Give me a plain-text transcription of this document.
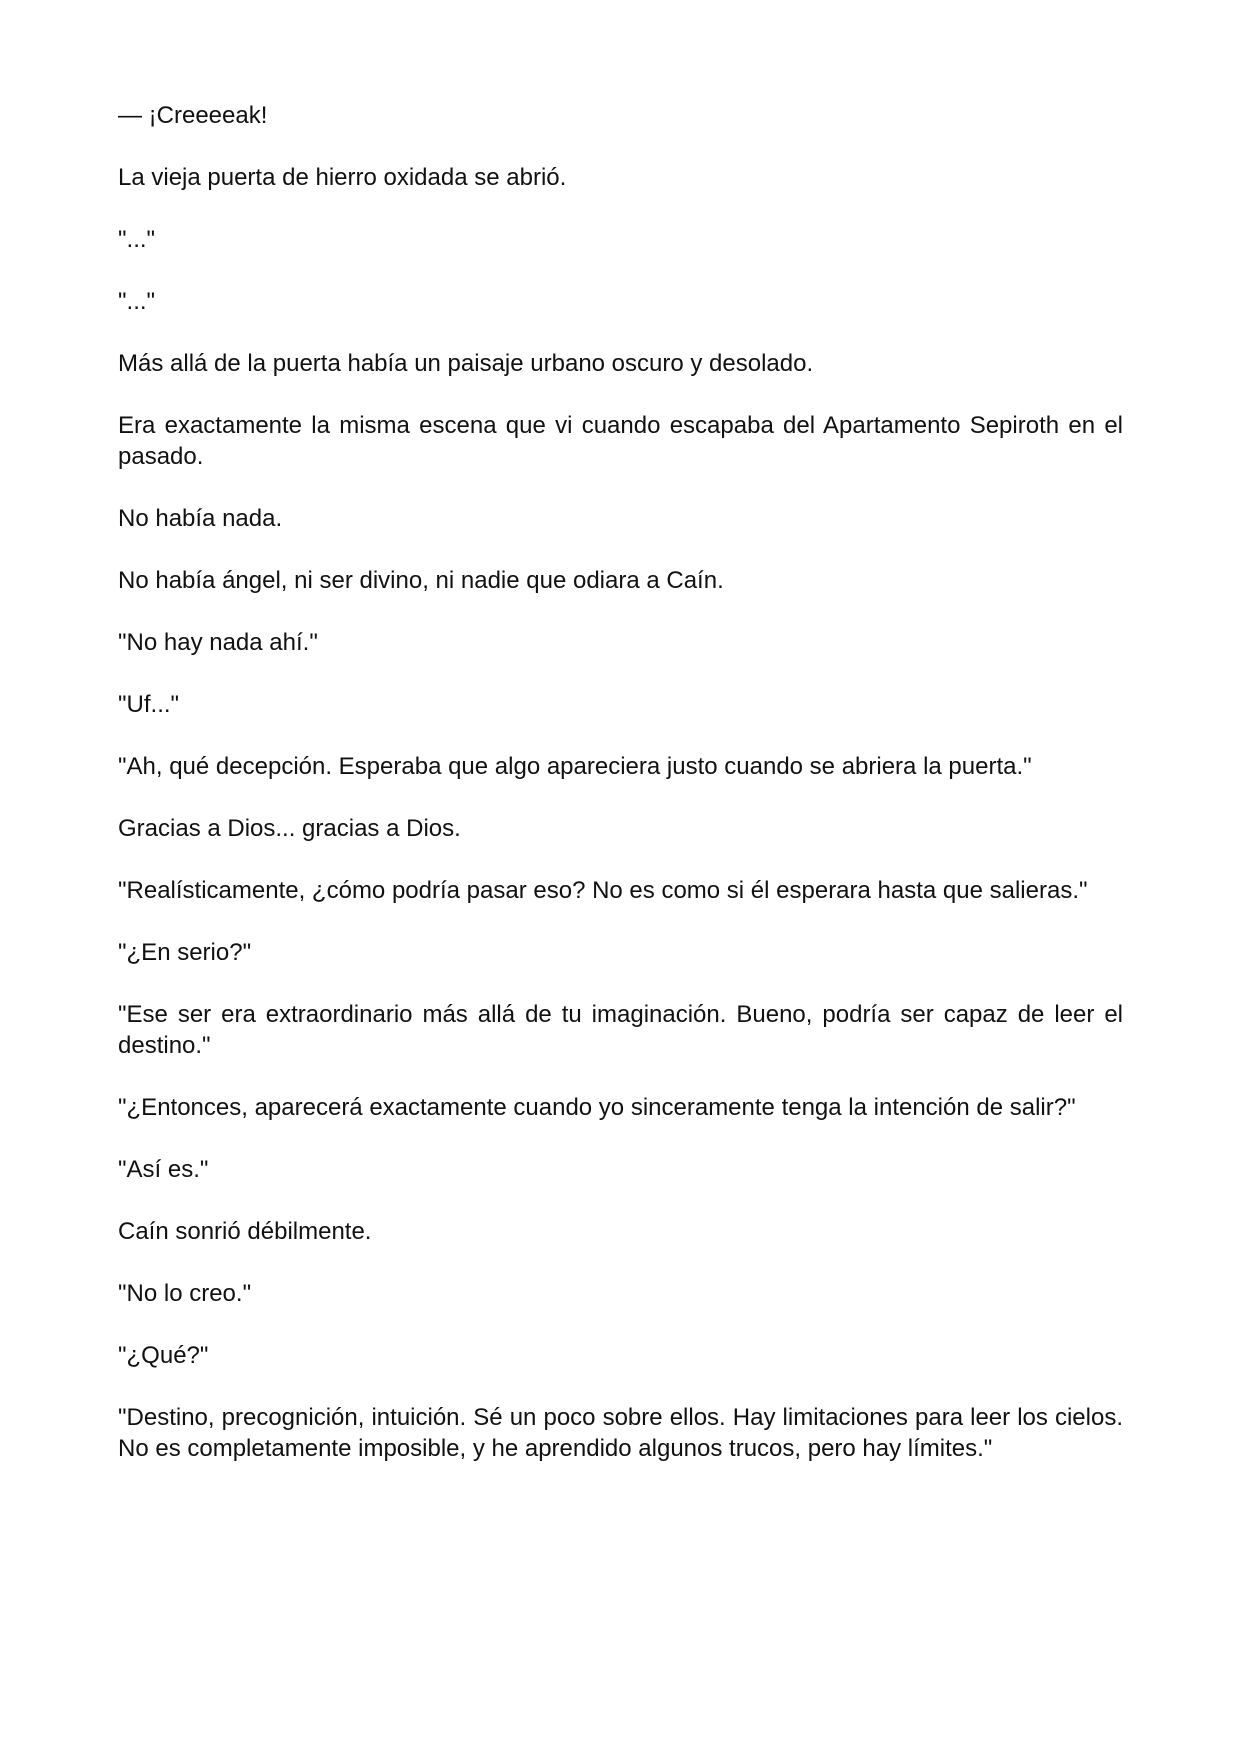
— ¡Creeeeak!

La vieja puerta de hierro oxidada se abrió.

"..."

"..."

Más allá de la puerta había un paisaje urbano oscuro y desolado.

Era exactamente la misma escena que vi cuando escapaba del Apartamento Sepiroth en el pasado.

No había nada.

No había ángel, ni ser divino, ni nadie que odiara a Caín.

"No hay nada ahí."

"Uf..."

"Ah, qué decepción. Esperaba que algo apareciera justo cuando se abriera la puerta."

Gracias a Dios... gracias a Dios.

"Realísticamente, ¿cómo podría pasar eso? No es como si él esperara hasta que salieras."

"¿En serio?"

"Ese ser era extraordinario más allá de tu imaginación. Bueno, podría ser capaz de leer el destino."

"¿Entonces, aparecerá exactamente cuando yo sinceramente tenga la intención de salir?"

"Así es."

Caín sonrió débilmente.

"No lo creo."

"¿Qué?"

"Destino, precognición, intuición. Sé un poco sobre ellos. Hay limitaciones para leer los cielos. No es completamente imposible, y he aprendido algunos trucos, pero hay límites."
